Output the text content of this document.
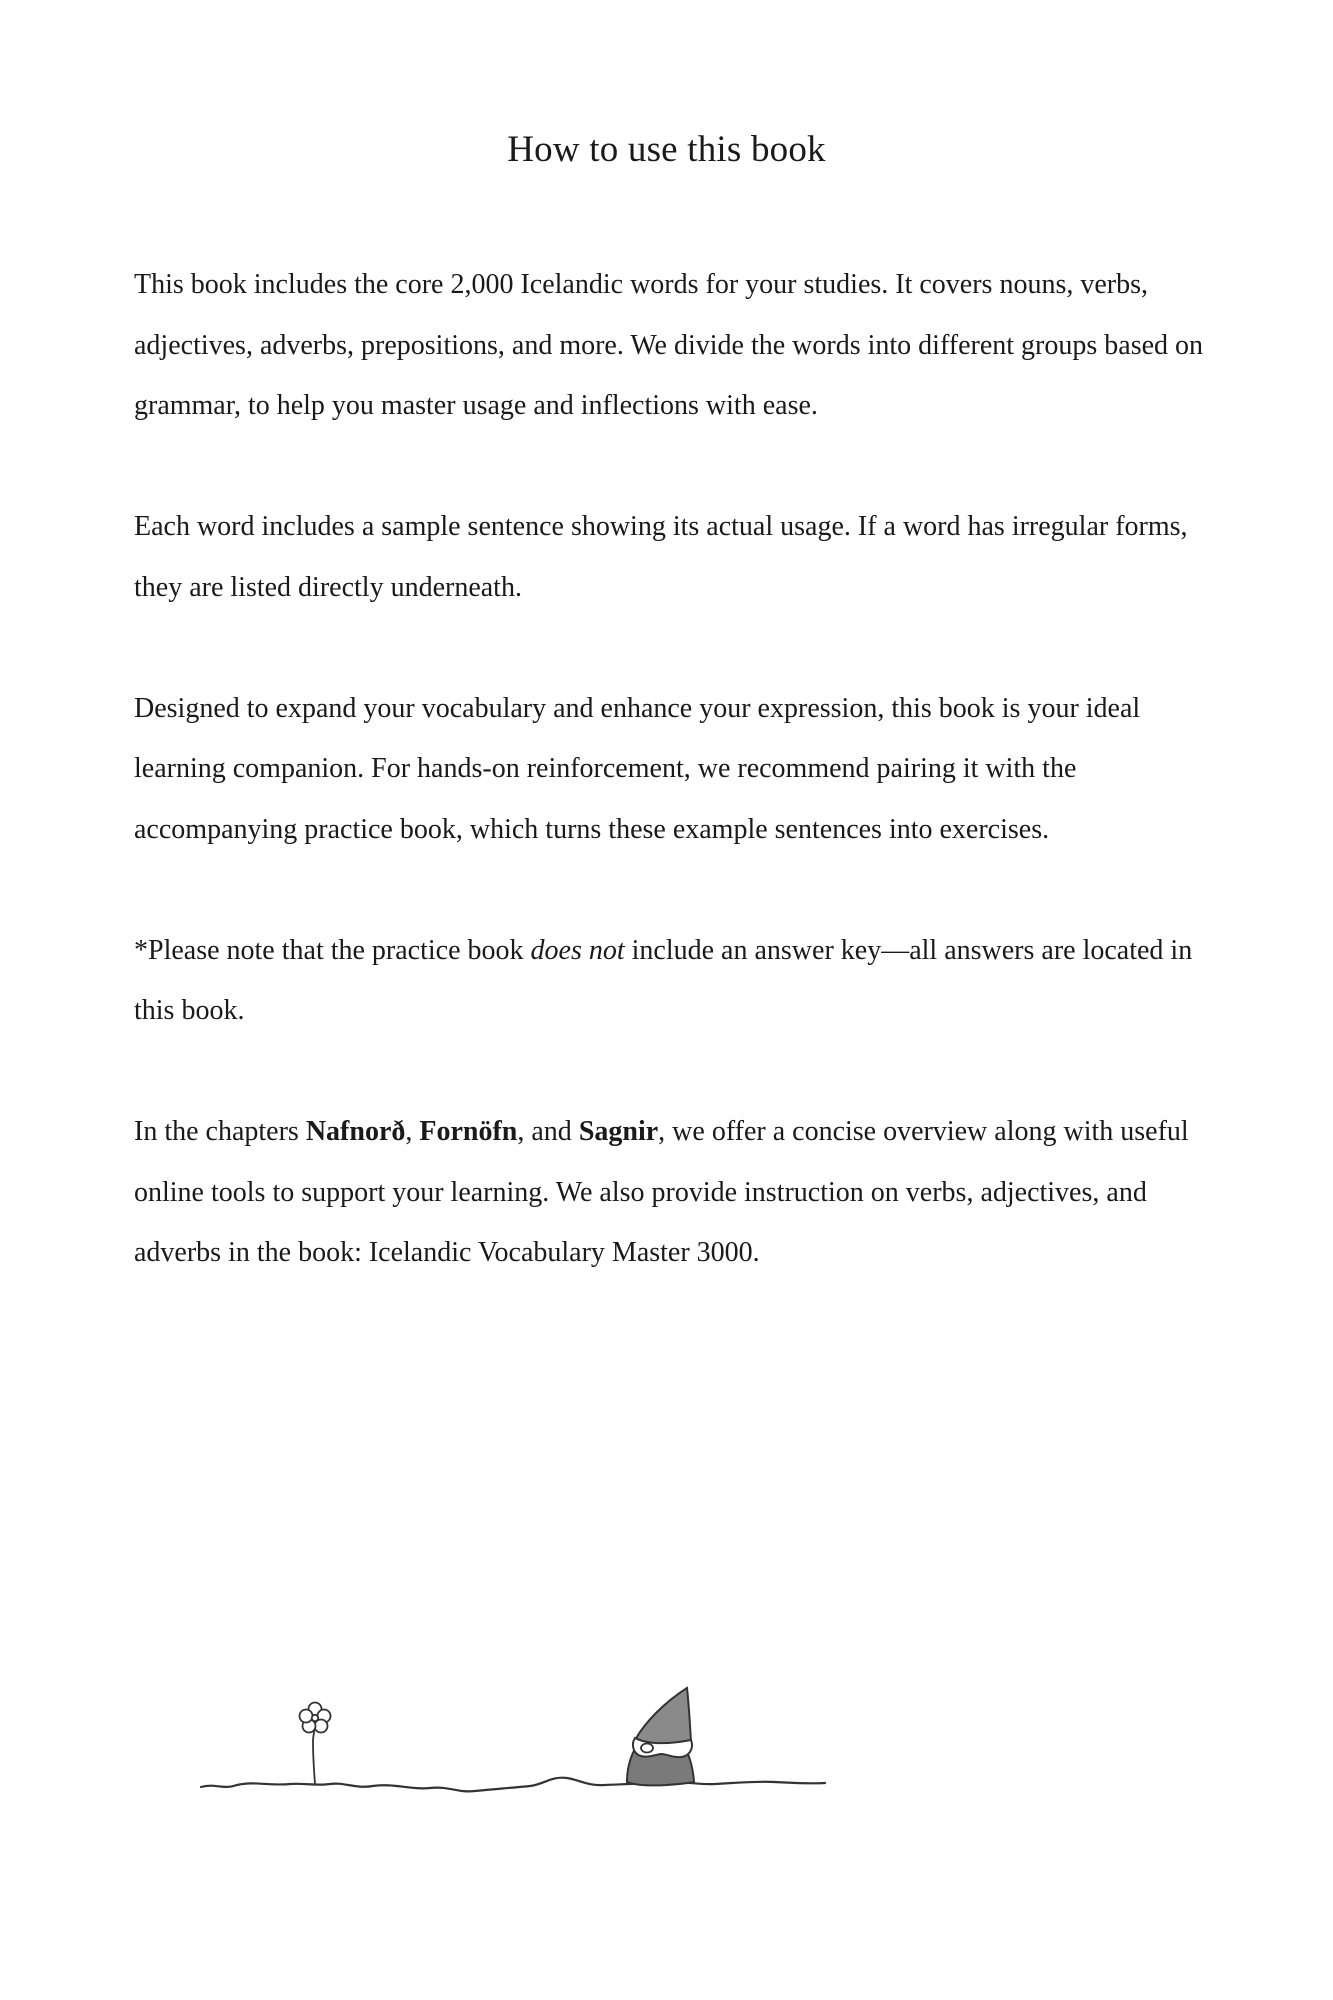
How to use this book

This book includes the core 2,000 Icelandic words for your studies. It covers nouns, verbs, adjectives, adverbs, prepositions, and more. We divide the words into different groups based on grammar, to help you master usage and inflections with ease.

Each word includes a sample sentence showing its actual usage. If a word has irregular forms, they are listed directly underneath.

Designed to expand your vocabulary and enhance your expression, this book is your ideal learning companion. For hands-on reinforcement, we recommend pairing it with the accompanying practice book, which turns these example sentences into exercises.

*Please note that the practice book does not include an answer key—all answers are located in this book.

In the chapters Nafnorð, Fornöfn, and Sagnir, we offer a concise overview along with useful online tools to support your learning. We also provide instruction on verbs, adjectives, and adverbs in the book: Icelandic Vocabulary Master 3000.
